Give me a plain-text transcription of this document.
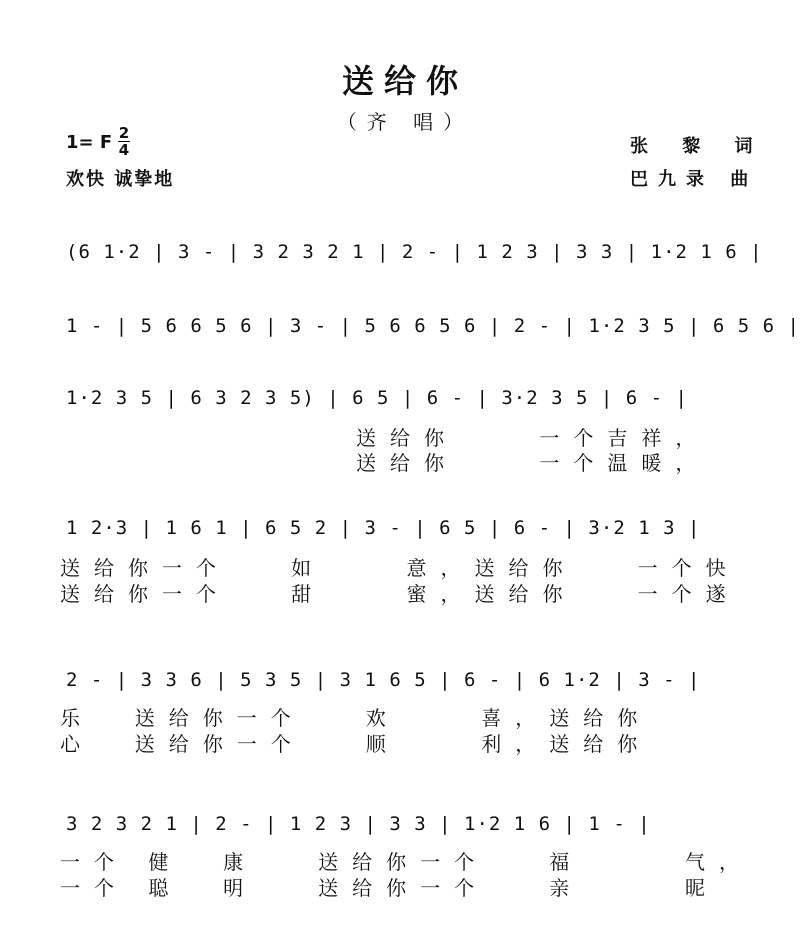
送给你
（齐 唱）
1= F 2
4
欢快 诚挚地
张 黎 词
巴九录 曲
(6 1·2 | 3 - | 3 2 3 2 1 | 2 - | 1 2 3 | 3 3 | 1·2 1 6 |
1 - | 5 6 6 5 6 | 3 - | 5 6 6 5 6 | 2 - | 1·2 3 5 | 6 5 6 |
1·2 3 5 | 6 3 2 3 5) | 6 5 | 6 - | 3·2 3 5 | 6 - |
送给你    一个吉祥，
送给你    一个温暖，
1 2·3 | 1 6 1 | 6 5 2 | 3 - | 6 5 | 6 - | 3·2 1 3 |
送给你一个   如    意，送给你   一个快
送给你一个   甜    蜜，送给你   一个遂
2 - | 3 3 6 | 5 3 5 | 3 1 6 5 | 6 - | 6 1·2 | 3 - |
乐  送给你一个   欢    喜，送给你
心  送给你一个   顺    利，送给你
3 2 3 2 1 | 2 - | 1 2 3 | 3 3 | 1·2 1 6 | 1 - |
一个 健  康   送给你一个   福     气，
一个 聪  明   送给你一个   亲     昵
